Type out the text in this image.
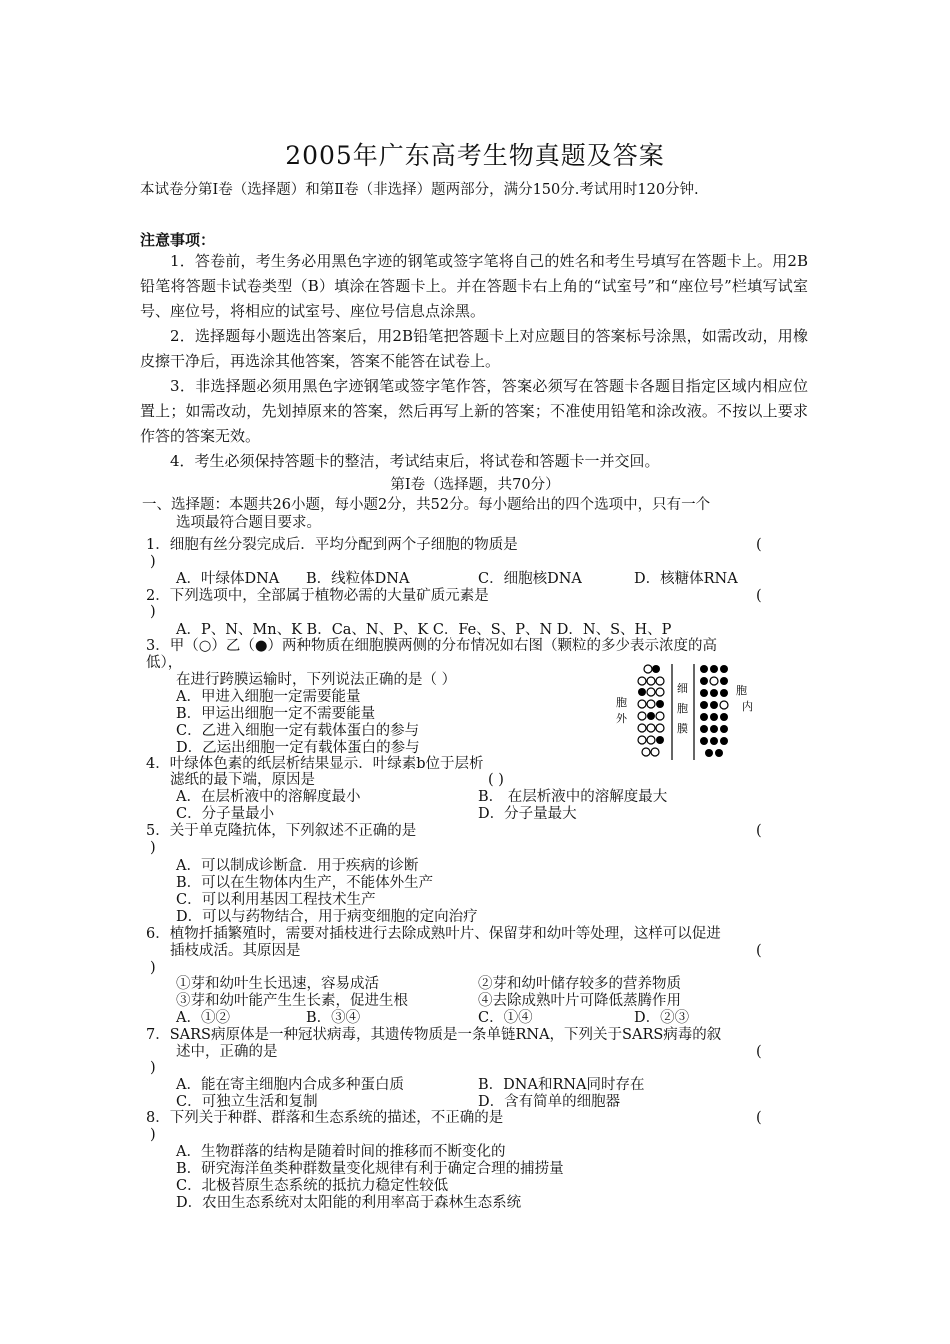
2005年广东高考生物真题及答案
本试卷分第Ⅰ卷（选择题）和第Ⅱ卷（非选择）题两部分，满分150分.考试用时120分钟.
注意事项：
1．答卷前，考生务必用黑色字迹的钢笔或签字笔将自己的姓名和考生号填写在答题卡上。用2B铅笔将答题卡试卷类型（B）填涂在答题卡上。并在答题卡右上角的“试室号”和“座位号”栏填写试室号、座位号，将相应的试室号、座位号信息点涂黑。
2．选择题每小题选出答案后，用2B铅笔把答题卡上对应题目的答案标号涂黑，如需改动，用橡皮擦干净后，再选涂其他答案，答案不能答在试卷上。
3．非选择题必须用黑色字迹钢笔或签字笔作答，答案必须写在答题卡各题目指定区域内相应位置上；如需改动，先划掉原来的答案，然后再写上新的答案；不准使用铅笔和涂改液。不按以上要求作答的答案无效。
4．考生必须保持答题卡的整洁，考试结束后，将试卷和答题卡一并交回。
第Ⅰ卷（选择题，共70分）
一、选择题：本题共26小题，每小题2分，共52分。每小题给出的四个选项中，只有一个
选项最符合题目要求。
1．细胞有丝分裂完成后．平均分配到两个子细胞的物质是	(
)
A．叶绿体DNA B．线粒体DNA	C．细胞核DNA	D．核糖体RNA
2．下列选项中，全部属于植物必需的大量矿质元素是	(
)
A．P、N、Mn、K B．Ca、N、P、K C．Fe、S、P、N D．N、S、H、P
3．甲（○）乙（●）两种物质在细胞膜两侧的分布情况如右图（颗粒的多少表示浓度的高
低），
在进行跨膜运输时，下列说法正确的是（ ）
A．甲进入细胞一定需要能量
B．甲运出细胞一定不需要能量
C．乙进入细胞一定有载体蛋白的参与
D．乙运出细胞一定有载体蛋白的参与
胞
外
细
胞
膜
胞
内
4．叶绿体色素的纸层析结果显示．叶绿素b位于层析
滤纸的最下端，原因是	( )
A．在层析液中的溶解度最小	B． 在层析液中的溶解度最大
C．分子量最小	D．分子量最大
5．关于单克隆抗体，下列叙述不正确的是	(
)
A．可以制成诊断盒．用于疾病的诊断
B．可以在生物体内生产，不能体外生产
C．可以利用基因工程技术生产
D．可以与药物结合，用于病变细胞的定向治疗
6．植物扦插繁殖时，需要对插枝进行去除成熟叶片、保留芽和幼叶等处理，这样可以促进
插枝成活。其原因是	(
)
①芽和幼叶生长迅速，容易成活	②芽和幼叶储存较多的营养物质
③芽和幼叶能产生生长素，促进生根	④去除成熟叶片可降低蒸腾作用
A．①②	B．③④	C．①④	D．②③
7．SARS病原体是一种冠状病毒，其遗传物质是一条单链RNA，下列关于SARS病毒的叙
述中，正确的是	(
)
A．能在寄主细胞内合成多种蛋白质	B．DNA和RNA同时存在
C．可独立生活和复制	D．含有简单的细胞器
8．下列关于种群、群落和生态系统的描述，不正确的是	(
)
A．生物群落的结构是随着时间的推移而不断变化的
B．研究海洋鱼类种群数量变化规律有利于确定合理的捕捞量
C．北极苔原生态系统的抵抗力稳定性较低
D．农田生态系统对太阳能的利用率高于森林生态系统
